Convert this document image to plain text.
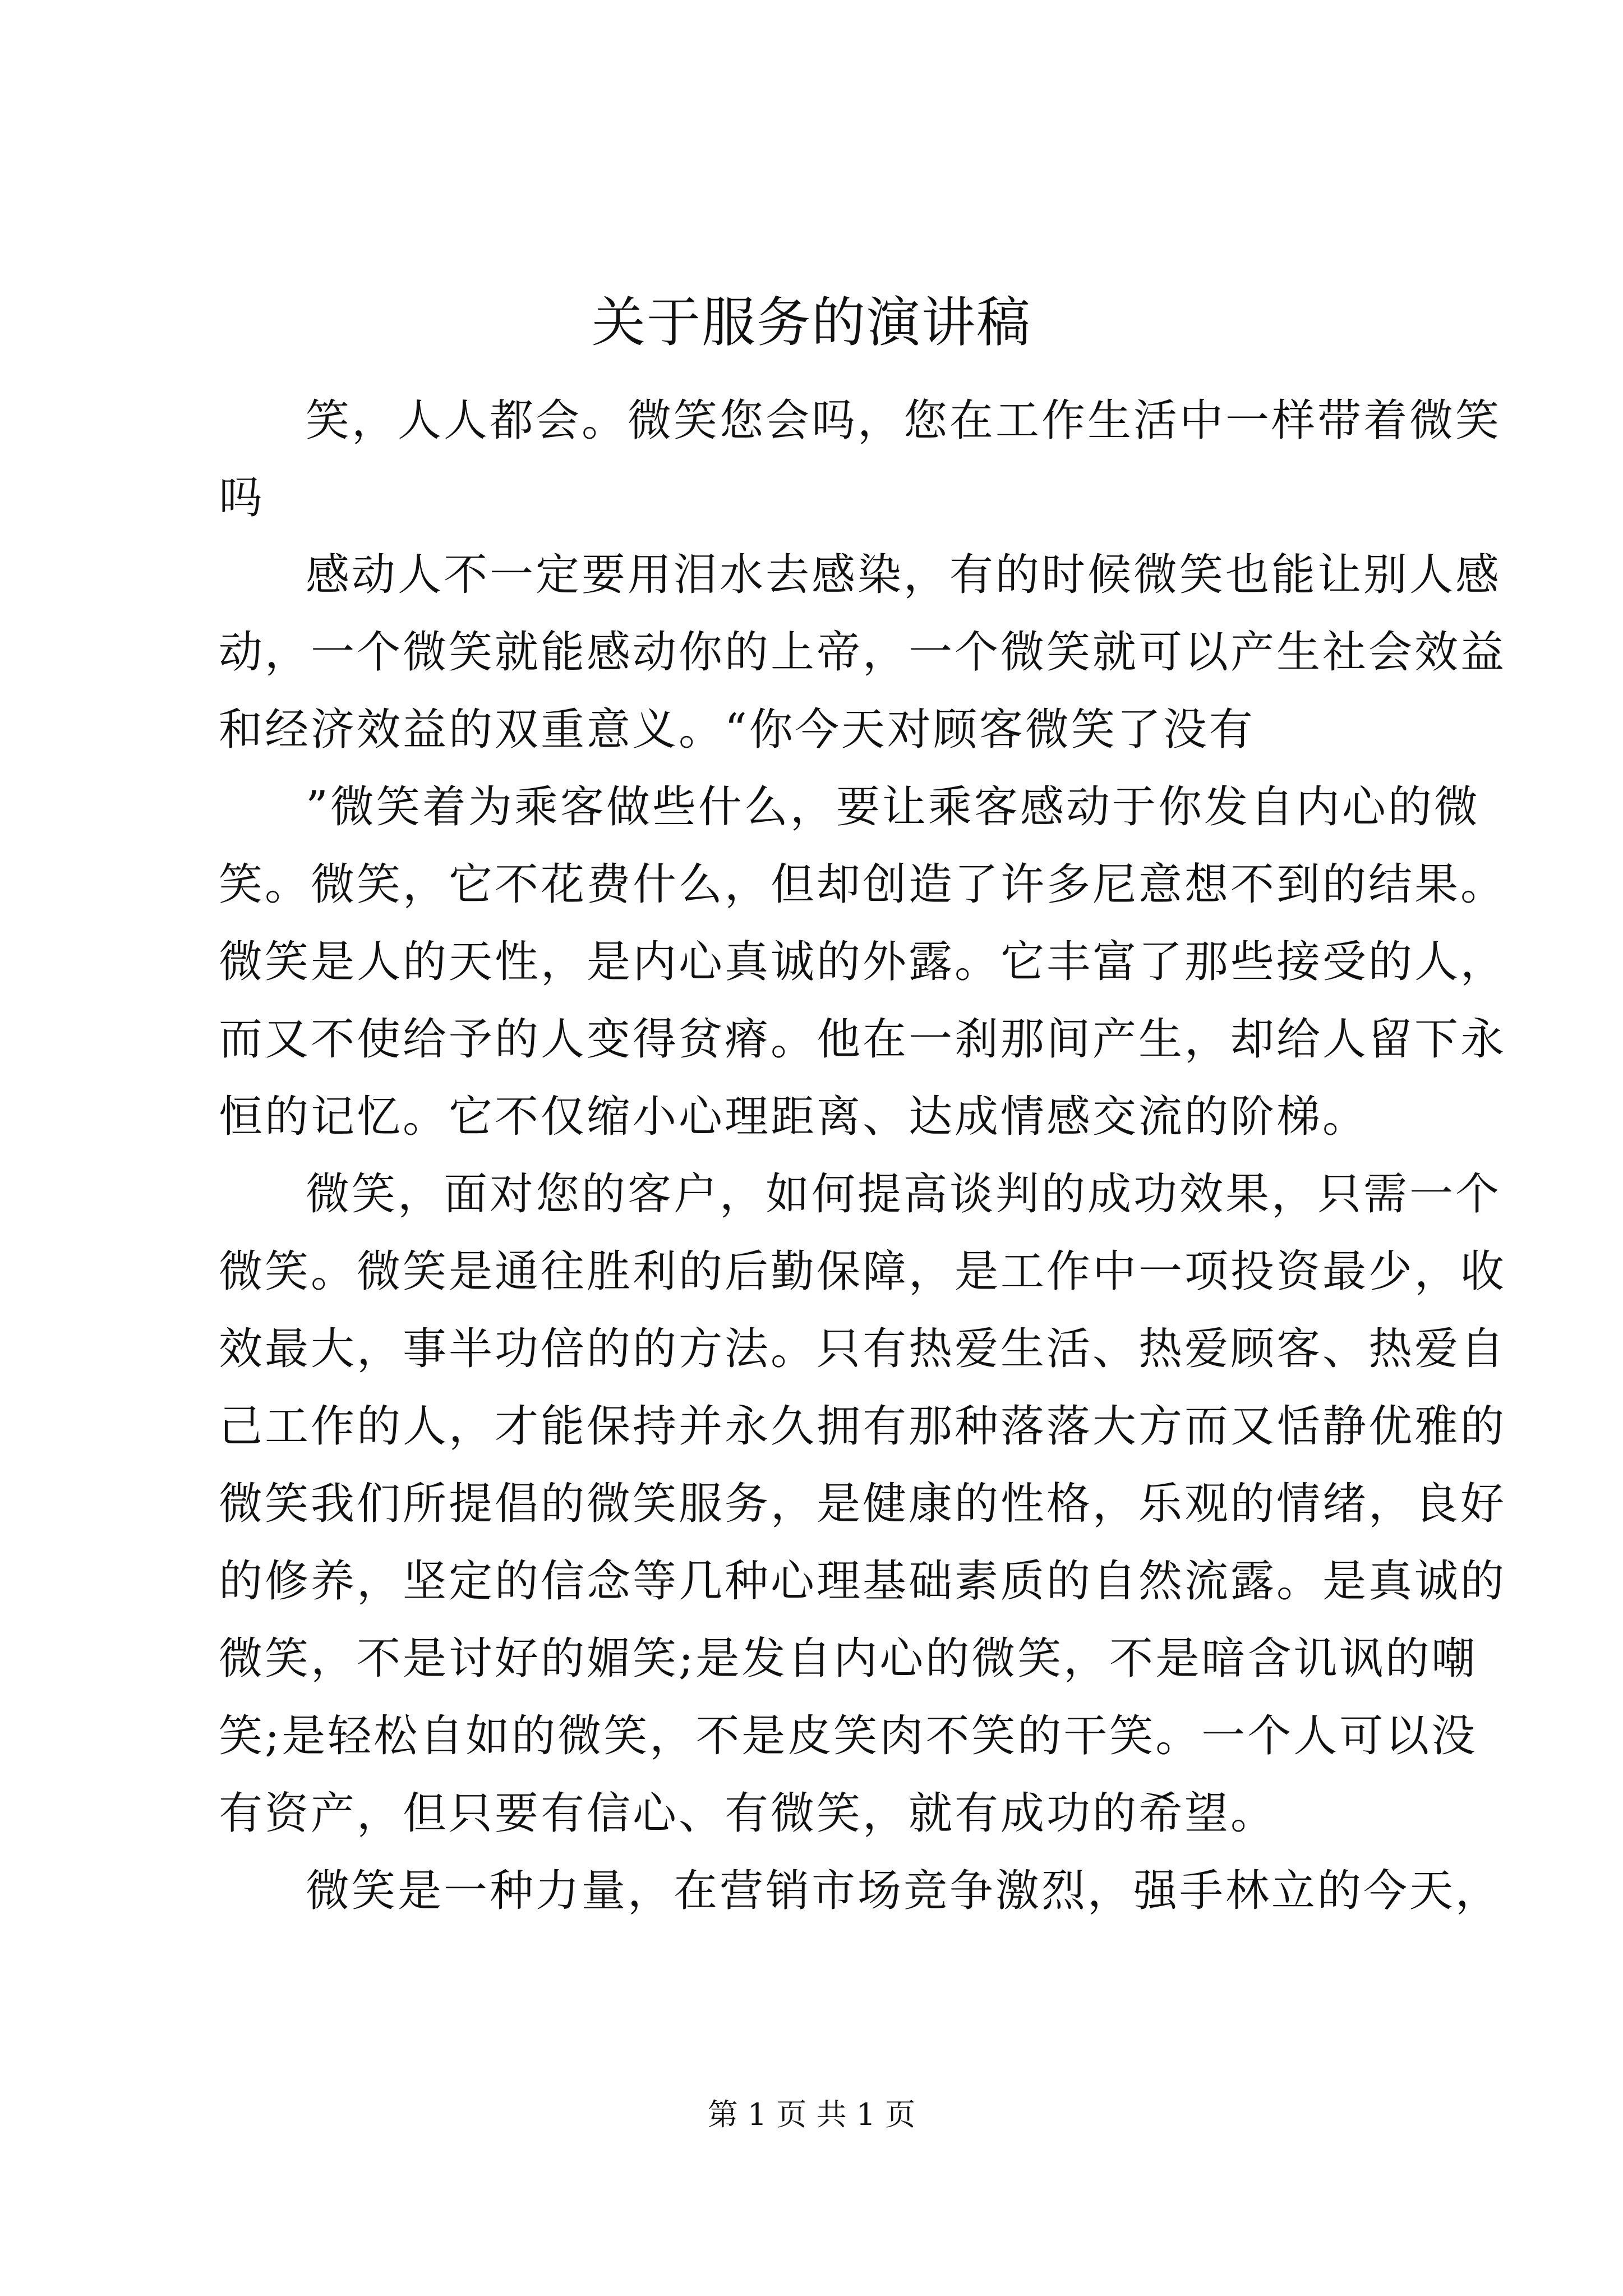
关于服务的演讲稿
笑，人人都会。微笑您会吗，您在工作生活中一样带着微笑
吗
感动人不一定要用泪水去感染，有的时候微笑也能让别人感
动，一个微笑就能感动你的上帝，一个微笑就可以产生社会效益
和经济效益的双重意义。“你今天对顾客微笑了没有
”微笑着为乘客做些什么，要让乘客感动于你发自内心的微
笑。微笑，它不花费什么，但却创造了许多尼意想不到的结果。
微笑是人的天性，是内心真诚的外露。它丰富了那些接受的人，
而又不使给予的人变得贫瘠。他在一刹那间产生，却给人留下永
恒的记忆。它不仅缩小心理距离、达成情感交流的阶梯。
微笑，面对您的客户，如何提高谈判的成功效果，只需一个
微笑。微笑是通往胜利的后勤保障，是工作中一项投资最少，收
效最大，事半功倍的的方法。只有热爱生活、热爱顾客、热爱自
己工作的人，才能保持并永久拥有那种落落大方而又恬静优雅的
微笑我们所提倡的微笑服务，是健康的性格，乐观的情绪，良好
的修养，坚定的信念等几种心理基础素质的自然流露。是真诚的
微笑，不是讨好的媚笑;是发自内心的微笑，不是暗含讥讽的嘲
笑;是轻松自如的微笑，不是皮笑肉不笑的干笑。一个人可以没
有资产，但只要有信心、有微笑，就有成功的希望。
微笑是一种力量，在营销市场竞争激烈，强手林立的今天，
第 1 页 共 1 页
